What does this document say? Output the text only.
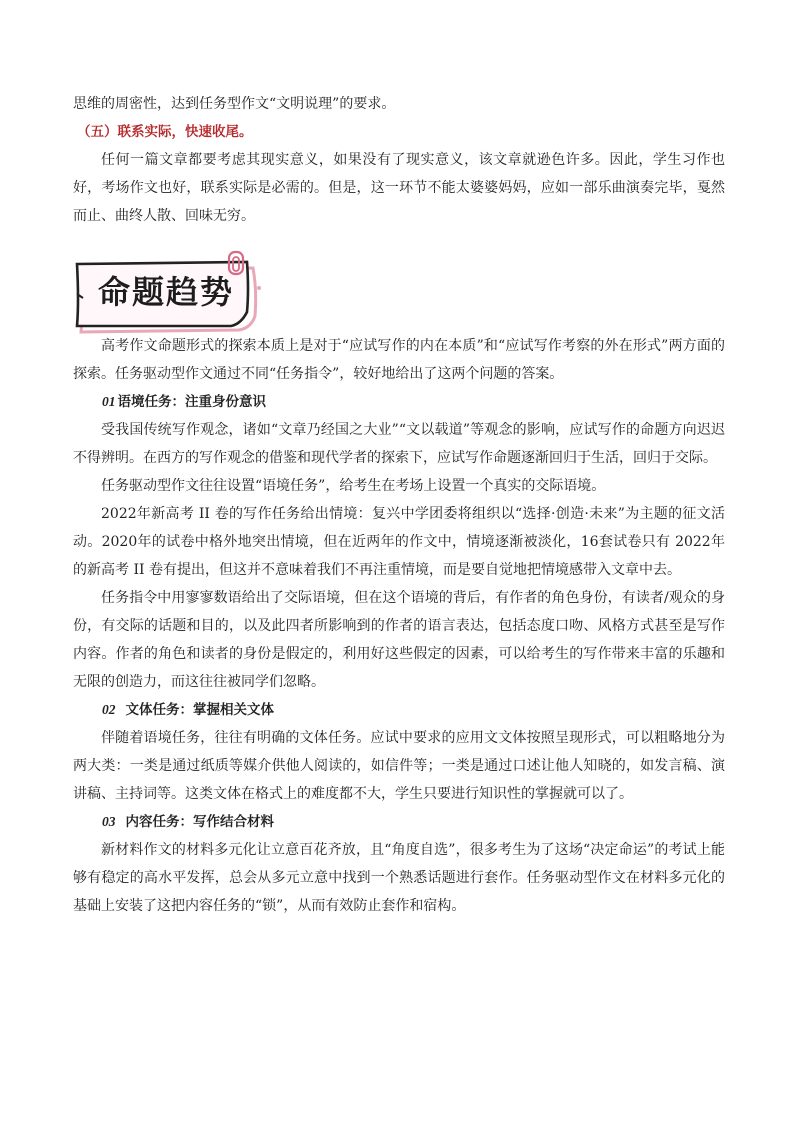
思维的周密性，达到任务型作文“文明说理”的要求。

（五）联系实际，快速收尾。

任何一篇文章都要考虑其现实意义，如果没有了现实意义，该文章就逊色许多。因此，学生习作也好，考场作文也好，联系实际是必需的。但是，这一环节不能太婆婆妈妈，应如一部乐曲演奏完毕，戛然而止、曲终人散、回味无穷。

命题趋势

高考作文命题形式的探索本质上是对于“应试写作的内在本质”和“应试写作考察的外在形式”两方面的探索。任务驱动型作文通过不同“任务指令”，较好地给出了这两个问题的答案。

01 语境任务：注重身份意识

受我国传统写作观念，诸如“文章乃经国之大业”“文以载道”等观念的影响，应试写作的命题方向迟迟不得辨明。在西方的写作观念的借鉴和现代学者的探索下，应试写作命题逐渐回归于生活，回归于交际。

任务驱动型作文往往设置“语境任务”，给考生在考场上设置一个真实的交际语境。

2022年新高考 II 卷的写作任务给出情境：复兴中学团委将组织以“选择·创造·未来”为主题的征文活动。2020年的试卷中格外地突出情境，但在近两年的作文中，情境逐渐被淡化，16套试卷只有 2022年的新高考 II 卷有提出，但这并不意味着我们不再注重情境，而是要自觉地把情境感带入文章中去。

任务指令中用寥寥数语给出了交际语境，但在这个语境的背后，有作者的角色身份，有读者/观众的身份，有交际的话题和目的，以及此四者所影响到的作者的语言表达，包括态度口吻、风格方式甚至是写作内容。作者的角色和读者的身份是假定的，利用好这些假定的因素，可以给考生的写作带来丰富的乐趣和无限的创造力，而这往往被同学们忽略。

02 文体任务：掌握相关文体

伴随着语境任务，往往有明确的文体任务。应试中要求的应用文文体按照呈现形式，可以粗略地分为两大类：一类是通过纸质等媒介供他人阅读的，如信件等；一类是通过口述让他人知晓的，如发言稿、演讲稿、主持词等。这类文体在格式上的难度都不大，学生只要进行知识性的掌握就可以了。

03 内容任务：写作结合材料

新材料作文的材料多元化让立意百花齐放，且“角度自选”，很多考生为了这场“决定命运”的考试上能够有稳定的高水平发挥，总会从多元立意中找到一个熟悉话题进行套作。任务驱动型作文在材料多元化的基础上安装了这把内容任务的“锁”，从而有效防止套作和宿构。
